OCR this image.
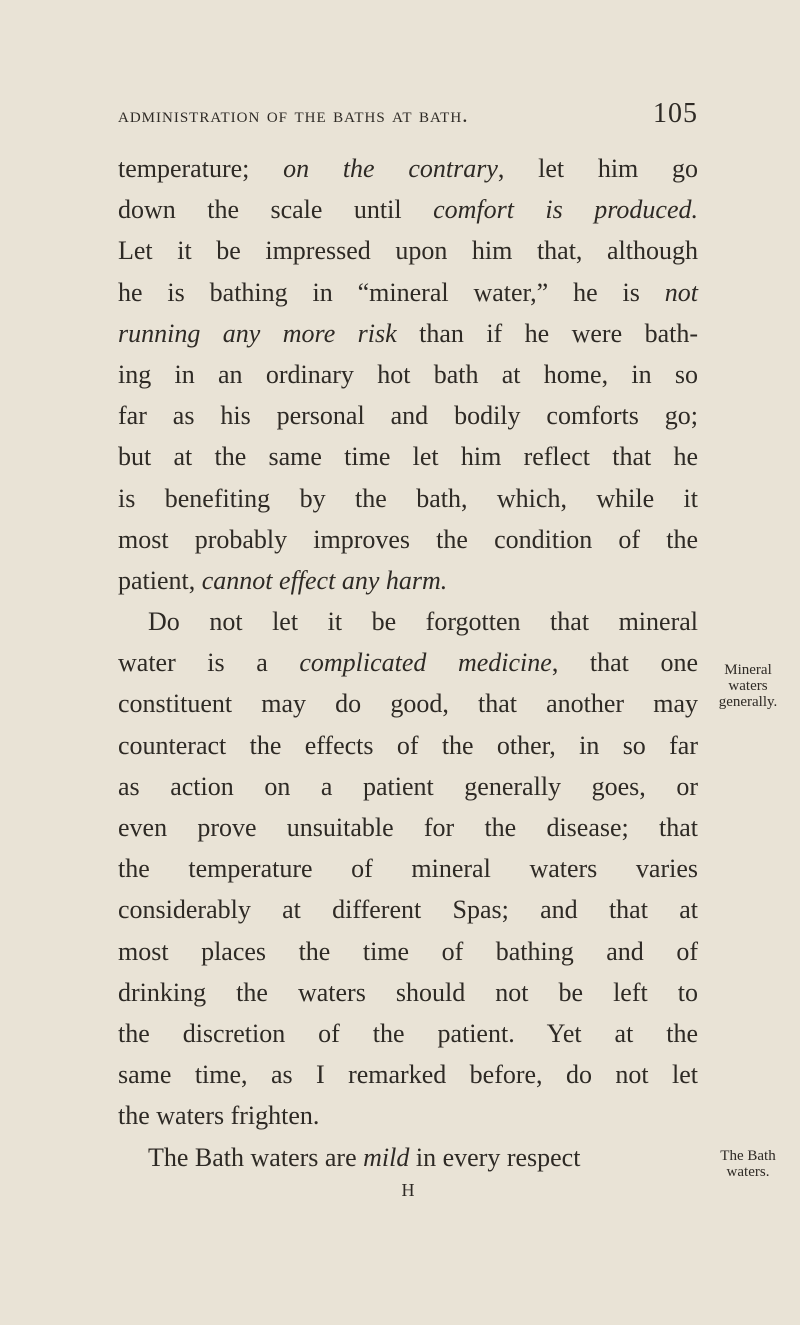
administration of the baths at bath.	105
temperature; on the contrary, let him go
down the scale until comfort is produced.
Let it be impressed upon him that, although
he is bathing in “mineral water,” he is not
running any more risk than if he were bath-
ing in an ordinary hot bath at home, in so
far as his personal and bodily comforts go;
but at the same time let him reflect that he
is benefiting by the bath, which, while it
most probably improves the condition of the
patient, cannot effect any harm.
Do not let it be forgotten that mineral
water is a complicated medicine, that one
constituent may do good, that another may
counteract the effects of the other, in so far
as action on a patient generally goes, or
even prove unsuitable for the disease; that
the temperature of mineral waters varies
considerably at different Spas; and that at
most places the time of bathing and of
drinking the waters should not be left to
the discretion of the patient. Yet at the
same time, as I remarked before, do not let
the waters frighten.
The Bath waters are mild in every respect
Mineral
waters
generally.
The Bath
waters.
H
